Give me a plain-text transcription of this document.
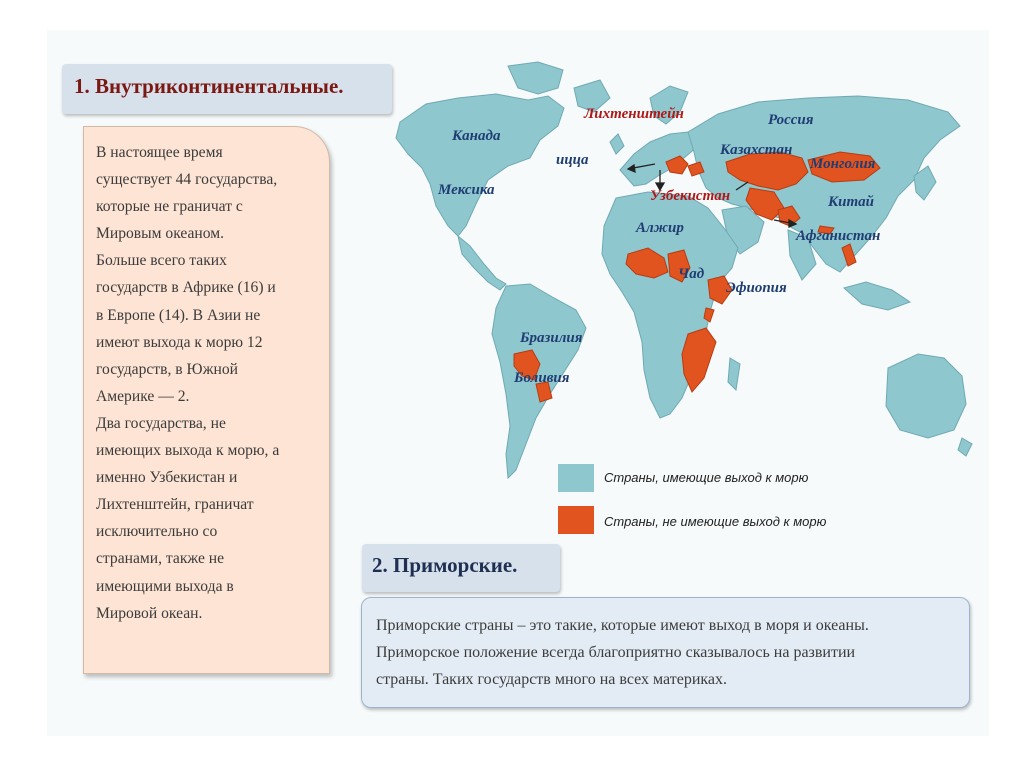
1. Внутриконтинентальные.
В настоящее время
существует 44 государства,
которые не граничат с
Мировым океаном.
Больше всего таких
государств в Африке (16) и
в Европе (14). В Азии не
имеют выхода к морю 12
государств, в Южной
Америке — 2.
Два государства, не
имеющих выхода к морю, а
именно Узбекистан и
Лихтенштейн, граничат
исключительно со
странами, также не
имеющими выхода в
Мировой океан.
Канада
Мексика
Бразилия
Боливия
Лихтенштейн
ицца
Россия
Казахстан
Монголия
Узбекистан	Китай
Афганистан
Алжир
Чад
Эфиопия
Страны, имеющие выход к морю
Страны, не имеющие выход к морю
2. Приморские.
Приморские страны – это такие, которые имеют выход в моря и океаны.
Приморское положение всегда благоприятно сказывалось на развитии
страны. Таких государств много на всех материках.
